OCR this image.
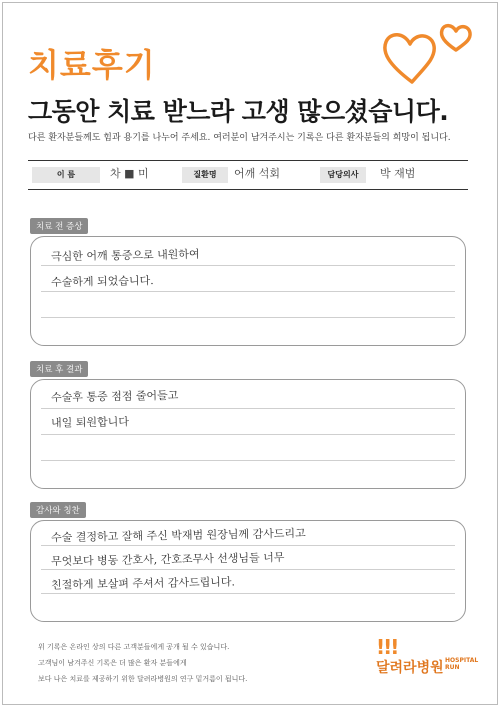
치료후기
그동안 치료 받느라 고생 많으셨습니다.
다른 환자분들께도 힘과 용기를 나누어 주세요. 여러분이 남겨주시는 기록은 다른 환자분들의 희망이 됩니다.
이 름	차 ■ 미	질환명	어깨 석회	담당의사	박 재범
치료 전 증상
극심한 어깨 통증으로 내원하여
수술하게 되었습니다.
치료 후 결과
수술후 통증 점점 줄어들고
내일 퇴원합니다
감사와 칭찬
수술 결정하고 잘해 주신 박재범 원장님께 감사드리고
무엇보다 병동 간호사, 간호조무사 선생님들 너무
친절하게 보살펴 주셔서 감사드립니다.
위 기록은 온라인 상의 다른 고객분들에게 공개 될 수 있습니다.
고객님이 남겨주신 기록은 더 많은 환자 분들에게
보다 나은 치료를 제공하기 위한 달려라병원의 연구 밑거름이 됩니다.
!!!
달려라병원 HOSPITAL RUN
